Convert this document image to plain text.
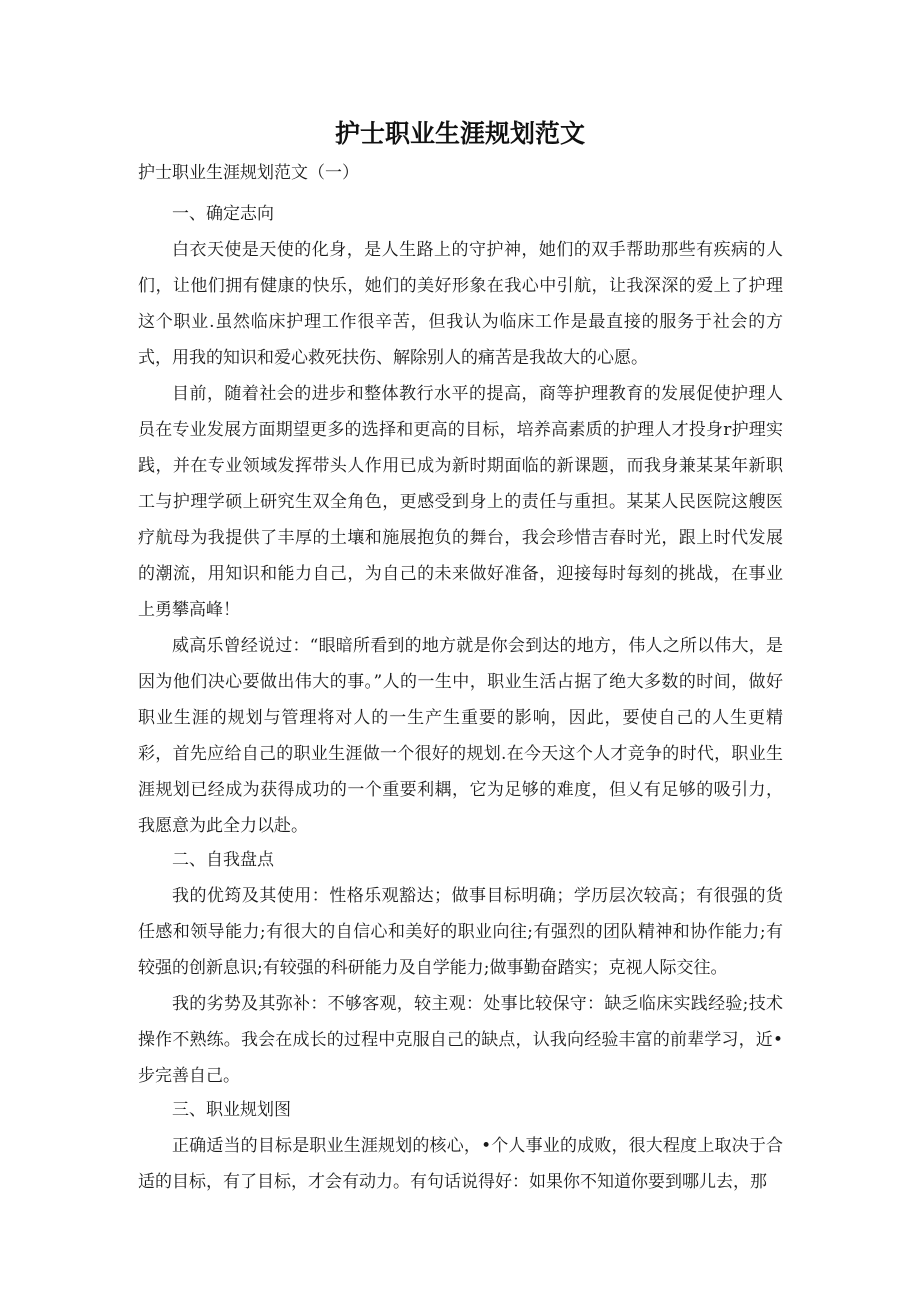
护士职业生涯规划范文

护士职业生涯规划范文（一）

一、确定志向

白衣天使是天使的化身，是人生路上的守护神，她们的双手帮助那些有疾病的人们，让他们拥有健康的快乐，她们的美好形象在我心中引航，让我深深的爱上了护理这个职业.虽然临床护理工作很辛苦，但我认为临床工作是最直接的服务于社会的方式，用我的知识和爱心救死扶伤、解除别人的痛苦是我故大的心愿。

目前，随着社会的进步和整体教行水平的提高，商等护理教育的发展促使护理人员在专业发展方面期望更多的选择和更高的目标，培养高素质的护理人才投身r护理实践，并在专业领域发挥带头人作用已成为新时期面临的新课题，而我身兼某某年新职工与护理学硕上研究生双全角色，更感受到身上的责任与重担。某某人民医院这艘医疗航母为我提供了丰厚的土壤和施展抱负的舞台，我会珍惜吉春时光，跟上时代发展的潮流，用知识和能力自己，为自己的未来做好准备，迎接每时每刻的挑战，在事业上勇攀高峰！

威高乐曾经说过：“眼暗所看到的地方就是你会到达的地方，伟人之所以伟大，是因为他们决心要做出伟大的事。”人的一生中，职业生活占据了绝大多数的时间，做好职业生涯的规划与管理将对人的一生产生重要的影响，因此，要使自己的人生更精彩，首先应给自己的职业生涯做一个很好的规划.在今天这个人才竞争的时代，职业生涯规划已经成为获得成功的一个重要利耦，它为足够的难度，但乂有足够的吸引力，我愿意为此全力以赴。

二、自我盘点

我的优筠及其使用：性格乐观豁达；做事目标明确；学历层次较高；有很强的货任感和领导能力;有很大的自信心和美好的职业向往;有强烈的团队精神和协作能力;有较强的创新息识;有较强的科研能力及自学能力;做事勤奋踏实；克视人际交往。

我的劣势及其弥补：不够客观，较主观：处事比较保守：缺乏临床实践经验;技术操作不熟练。我会在成长的过程中克服自己的缺点，认我向经验丰富的前辈学习，近•步完善自己。

三、职业规划图

正确适当的目标是职业生涯规划的核心，•个人事业的成败，很大程度上取决于合适的目标，有了目标，才会有动力。有句话说得好：如果你不知道你要到哪儿去，那
